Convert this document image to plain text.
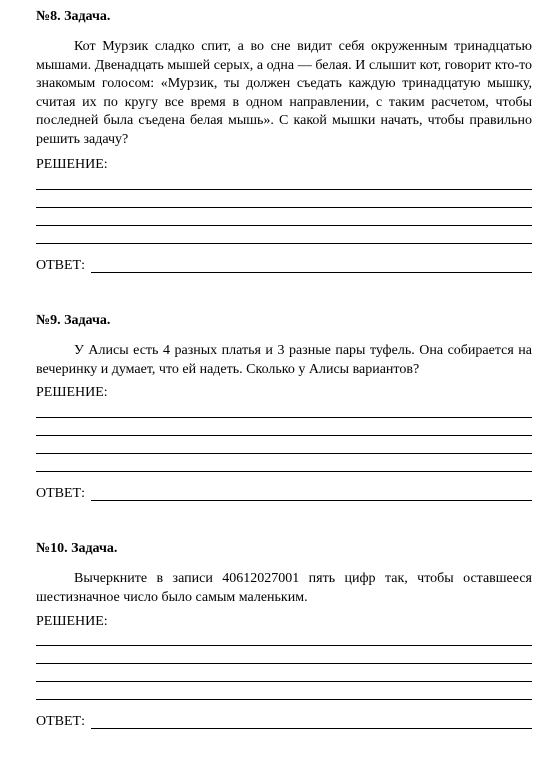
№8. Задача.

Кот Мурзик сладко спит, а во сне видит себя окруженным тринадцатью мышами. Двенадцать мышей серых, а одна — белая. И слышит кот, говорит кто-то знакомым голосом: «Мурзик, ты должен съедать каждую тринадцатую мышку, считая их по кругу все время в одном направлении, с таким расчетом, чтобы последней была съедена белая мышь». С какой мышки начать, чтобы правильно решить задачу?

РЕШЕНИЕ:

ОТВЕТ:

№9. Задача.

У Алисы есть 4 разных платья и 3 разные пары туфель. Она собирается на вечеринку и думает, что ей надеть. Сколько у Алисы вариантов?

РЕШЕНИЕ:

ОТВЕТ:

№10. Задача.

Вычеркните в записи 40612027001 пять цифр так, чтобы оставшееся шестизначное число было самым маленьким.

РЕШЕНИЕ:

ОТВЕТ:
